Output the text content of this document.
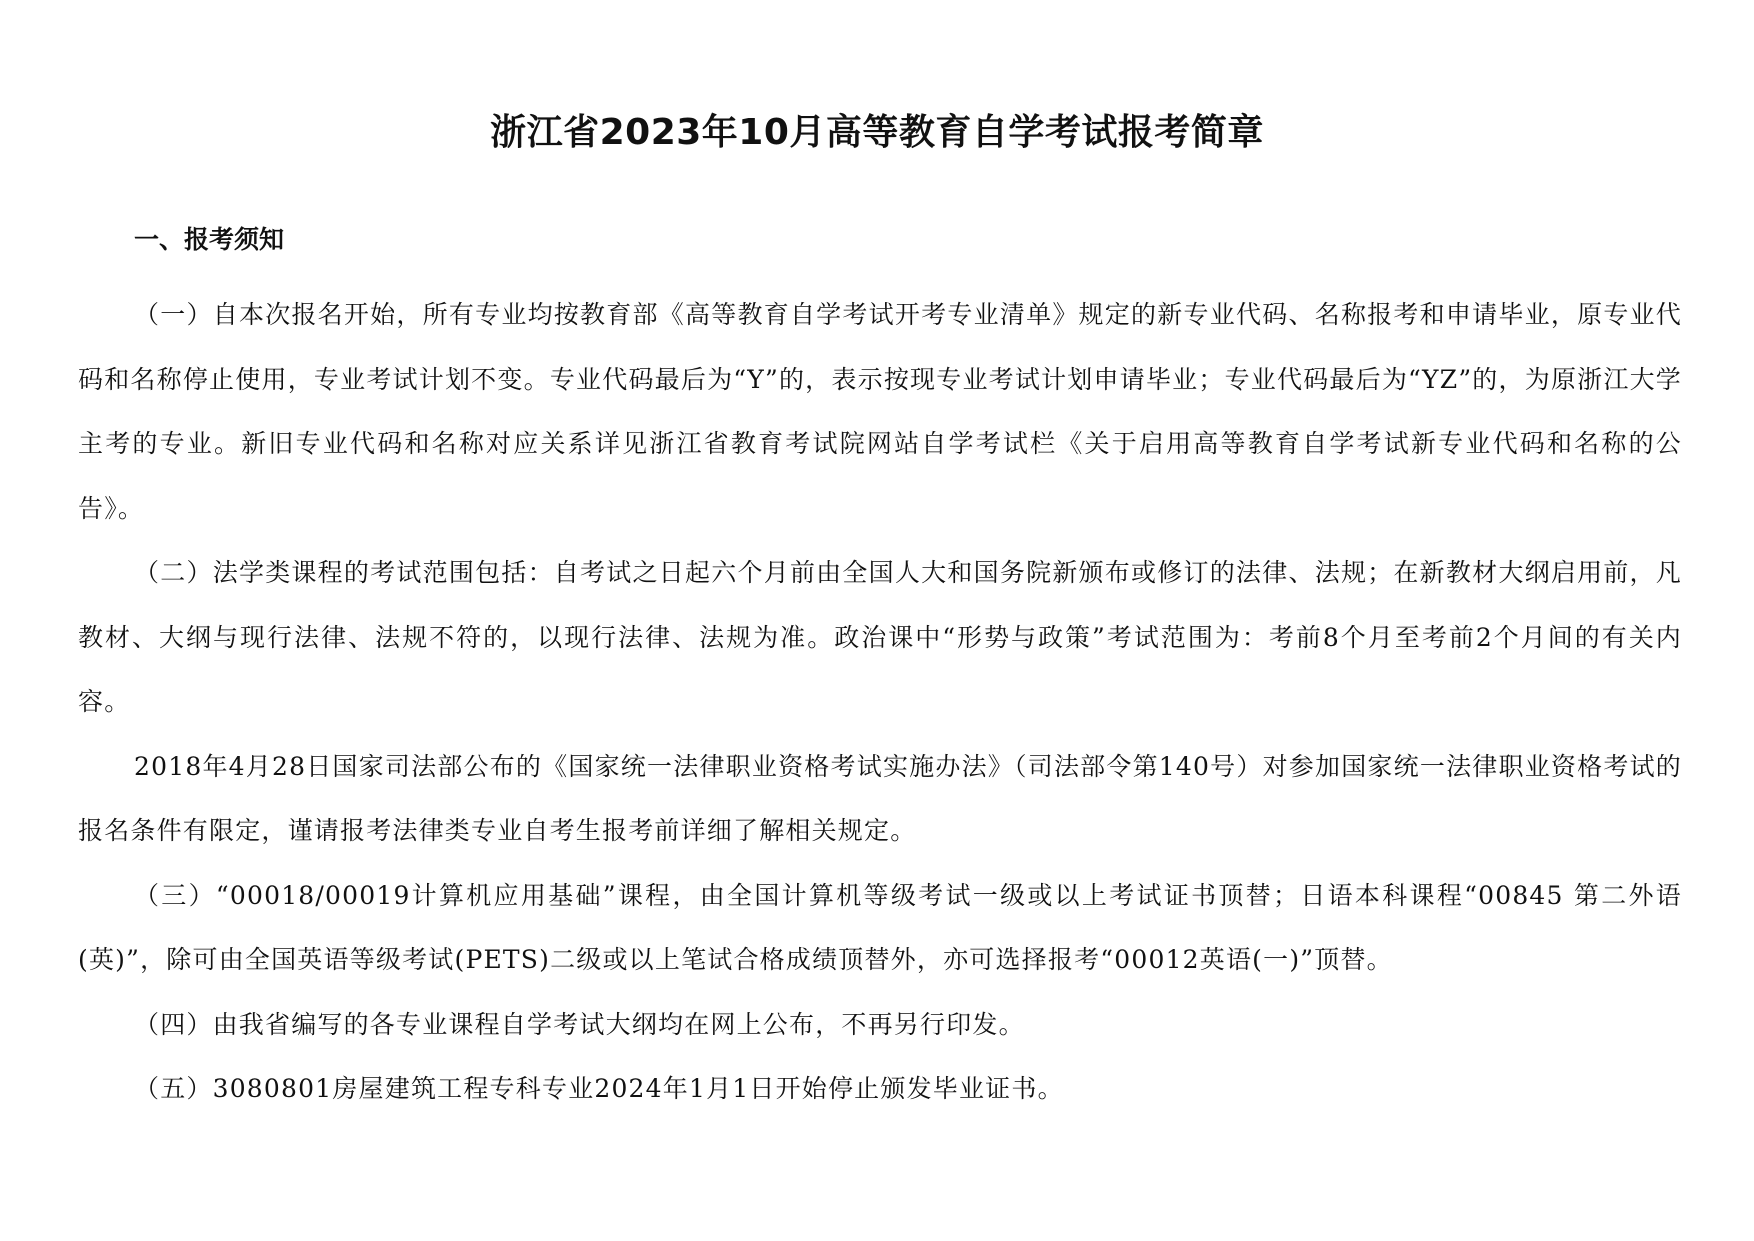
浙江省2023年10月高等教育自学考试报考简章
一、报考须知

（一）自本次报名开始，所有专业均按教育部《高等教育自学考试开考专业清单》规定的新专业代码、名称报考和申请毕业，原专业代码和名称停止使用，专业考试计划不变。专业代码最后为“Y”的，表示按现专业考试计划申请毕业；专业代码最后为“YZ”的，为原浙江大学主考的专业。新旧专业代码和名称对应关系详见浙江省教育考试院网站自学考试栏《关于启用高等教育自学考试新专业代码和名称的公告》。

（二）法学类课程的考试范围包括：自考试之日起六个月前由全国人大和国务院新颁布或修订的法律、法规；在新教材大纲启用前，凡教材、大纲与现行法律、法规不符的，以现行法律、法规为准。政治课中“形势与政策”考试范围为：考前8个月至考前2个月间的有关内容。

2018年4月28日国家司法部公布的《国家统一法律职业资格考试实施办法》（司法部令第140号）对参加国家统一法律职业资格考试的报名条件有限定，谨请报考法律类专业自考生报考前详细了解相关规定。

（三）“00018/00019计算机应用基础”课程，由全国计算机等级考试一级或以上考试证书顶替；日语本科课程“00845 第二外语(英)”，除可由全国英语等级考试(PETS)二级或以上笔试合格成绩顶替外，亦可选择报考“00012英语(一)”顶替。

（四）由我省编写的各专业课程自学考试大纲均在网上公布，不再另行印发。

（五）3080801房屋建筑工程专科专业2024年1月1日开始停止颁发毕业证书。
